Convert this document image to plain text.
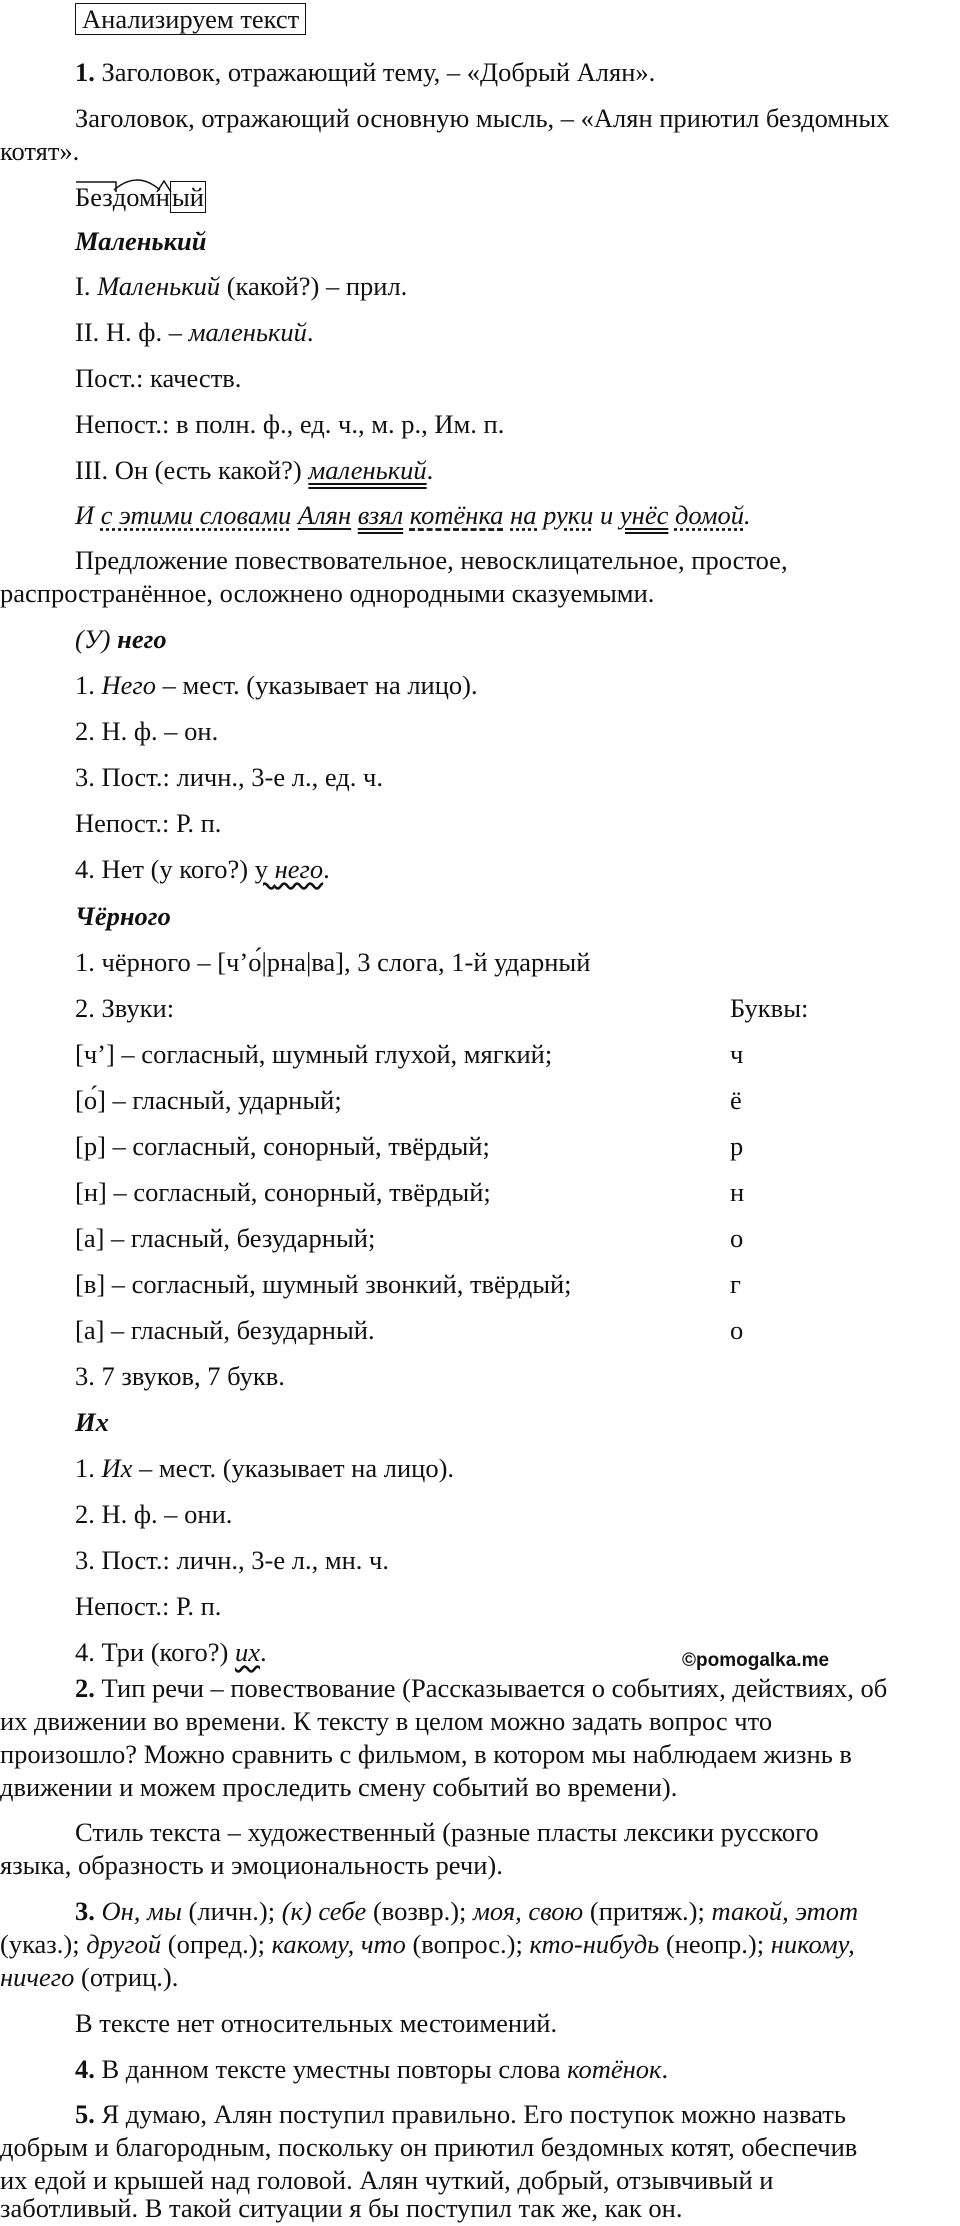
Анализируем текст
1. Заголовок, отражающий тему, – «Добрый Алян».
Заголовок, отражающий основную мысль, – «Алян приютил бездомных
котят».
Без
дом
ный
Маленький
I. Маленький (какой?) – прил.
II. Н. ф. – маленький.
Пост.: качеств.
Непост.: в полн. ф., ед. ч., м. р., Им. п.
III. Он (есть какой?) маленький.
И с этими словами Алян взял котёнка на руки и унёс домой.
Предложение повествовательное, невосклицательное, простое,
распространённое, осложнено однородными сказуемыми.
(У) него
1. Него – мест. (указывает на лицо).
2. Н. ф. – он.
3. Пост.: личн., 3-е л., ед. ч.
Непост.: Р. п.
4. Нет (у кого?) у него.
Чёрного
1. чёрного – [ч’о́|рна|ва], 3 слога, 1-й ударный
2. Звуки:	Буквы:
[ч’] – согласный, шумный глухой, мягкий;	ч
[о́] – гласный, ударный;	ё
[р] – согласный, сонорный, твёрдый;	р
[н] – согласный, сонорный, твёрдый;	н
[а] – гласный, безударный;	о
[в] – согласный, шумный звонкий, твёрдый;	г
[а] – гласный, безударный.	о
3. 7 звуков, 7 букв.
Их
1. Их – мест. (указывает на лицо).
2. Н. ф. – они.
3. Пост.: личн., 3-е л., мн. ч.
Непост.: Р. п.
4. Три (кого?) их.	©pomogalka.me
2. Тип речи – повествование (Рассказывается о событиях, действиях, об
их движении во времени. К тексту в целом можно задать вопрос что
произошло? Можно сравнить с фильмом, в котором мы наблюдаем жизнь в
движении и можем проследить смену событий во времени).
Стиль текста – художественный (разные пласты лексики русского
языка, образность и эмоциональность речи).
3. Он, мы (личн.); (к) себе (возвр.); моя, свою (притяж.); такой, этот
(указ.); другой (опред.); какому, что (вопрос.); кто-нибудь (неопр.); никому,
ничего (отриц.).
В тексте нет относительных местоимений.
4. В данном тексте уместны повторы слова котёнок.
5. Я думаю, Алян поступил правильно. Его поступок можно назвать
добрым и благородным, поскольку он приютил бездомных котят, обеспечив
их едой и крышей над головой. Алян чуткий, добрый, отзывчивый и
заботливый. В такой ситуации я бы поступил так же, как он.
